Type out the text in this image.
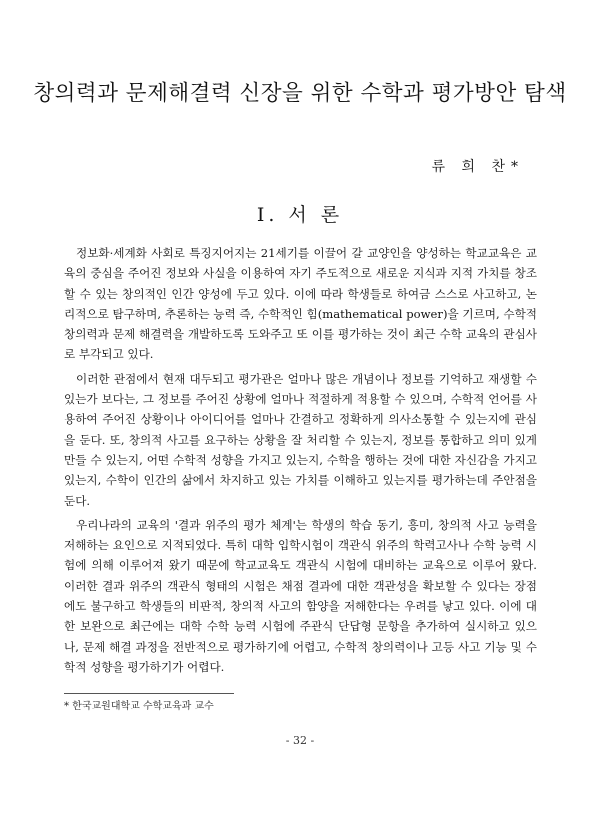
창의력과 문제해결력 신장을 위한 수학과 평가방안 탐색
류 희 찬*
Ⅰ. 서 론

정보화·세계화 사회로 특징지어지는 21세기를 이끌어 갈 교양인을 양성하는 학교교육은 교육의 중심을 주어진 정보와 사실을 이용하여 자기 주도적으로 새로운 지식과 지적 가치를 창조할 수 있는 창의적인 인간 양성에 두고 있다. 이에 따라 학생들로 하여금 스스로 사고하고, 논리적으로 탐구하며, 추론하는 능력 즉, 수학적인 힘(mathematical power)을 기르며, 수학적 창의력과 문제 해결력을 개발하도록 도와주고 또 이를 평가하는 것이 최근 수학 교육의 관심사로 부각되고 있다.

이러한 관점에서 현재 대두되고 평가관은 얼마나 많은 개념이나 정보를 기억하고 재생할 수 있는가 보다는, 그 정보를 주어진 상황에 얼마나 적절하게 적용할 수 있으며, 수학적 언어를 사용하여 주어진 상황이나 아이디어를 얼마나 간결하고 정확하게 의사소통할 수 있는지에 관심을 둔다. 또, 창의적 사고를 요구하는 상황을 잘 처리할 수 있는지, 정보를 통합하고 의미 있게 만들 수 있는지, 어떤 수학적 성향을 가지고 있는지, 수학을 행하는 것에 대한 자신감을 가지고 있는지, 수학이 인간의 삶에서 차지하고 있는 가치를 이해하고 있는지를 평가하는데 주안점을 둔다.

우리나라의 교육의 '결과 위주의 평가 체계'는 학생의 학습 동기, 흥미, 창의적 사고 능력을 저해하는 요인으로 지적되었다. 특히 대학 입학시험이 객관식 위주의 학력고사나 수학 능력 시험에 의해 이루어져 왔기 때문에 학교교육도 객관식 시험에 대비하는 교육으로 이루어 왔다. 이러한 결과 위주의 객관식 형태의 시험은 채점 결과에 대한 객관성을 확보할 수 있다는 장점에도 불구하고 학생들의 비판적, 창의적 사고의 함양을 저해한다는 우려를 낳고 있다. 이에 대한 보완으로 최근에는 대학 수학 능력 시험에 주관식 단답형 문항을 추가하여 실시하고 있으나, 문제 해결 과정을 전반적으로 평가하기에 어렵고, 수학적 창의력이나 고등 사고 기능 및 수학적 성향을 평가하기가 어렵다.

* 한국교원대학교 수학교육과 교수
- 32 -
